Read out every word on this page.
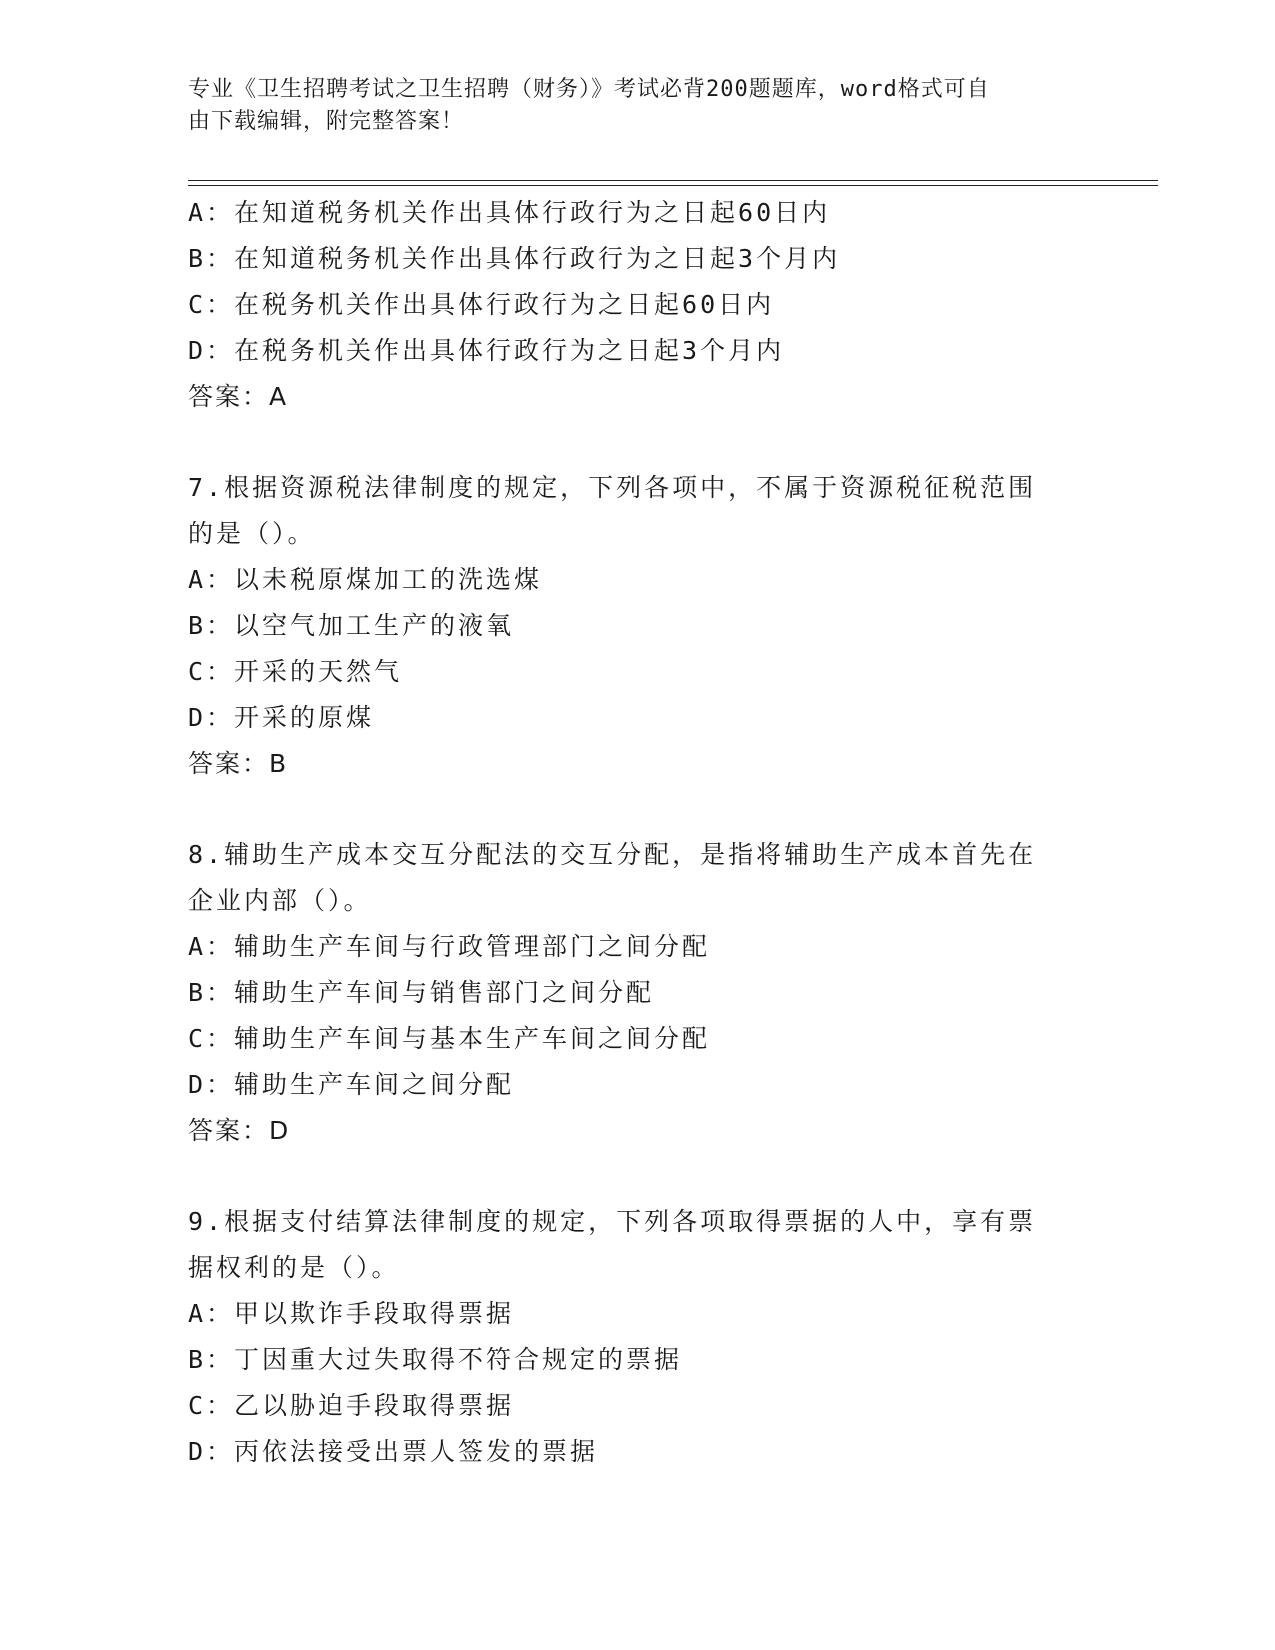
专业《卫生招聘考试之卫生招聘（财务）》考试必背200题题库，word格式可自
由下载编辑，附完整答案！
A：在知道税务机关作出具体行政行为之日起60日内
B：在知道税务机关作出具体行政行为之日起3个月内
C：在税务机关作出具体行政行为之日起60日内
D：在税务机关作出具体行政行为之日起3个月内
答案：A
7.根据资源税法律制度的规定，下列各项中，不属于资源税征税范围
的是（）。
A：以未税原煤加工的洗选煤
B：以空气加工生产的液氧
C：开采的天然气
D：开采的原煤
答案：B
8.辅助生产成本交互分配法的交互分配，是指将辅助生产成本首先在
企业内部（）。
A：辅助生产车间与行政管理部门之间分配
B：辅助生产车间与销售部门之间分配
C：辅助生产车间与基本生产车间之间分配
D：辅助生产车间之间分配
答案：D
9.根据支付结算法律制度的规定，下列各项取得票据的人中，享有票
据权利的是（）。
A：甲以欺诈手段取得票据
B：丁因重大过失取得不符合规定的票据
C：乙以胁迫手段取得票据
D：丙依法接受出票人签发的票据
